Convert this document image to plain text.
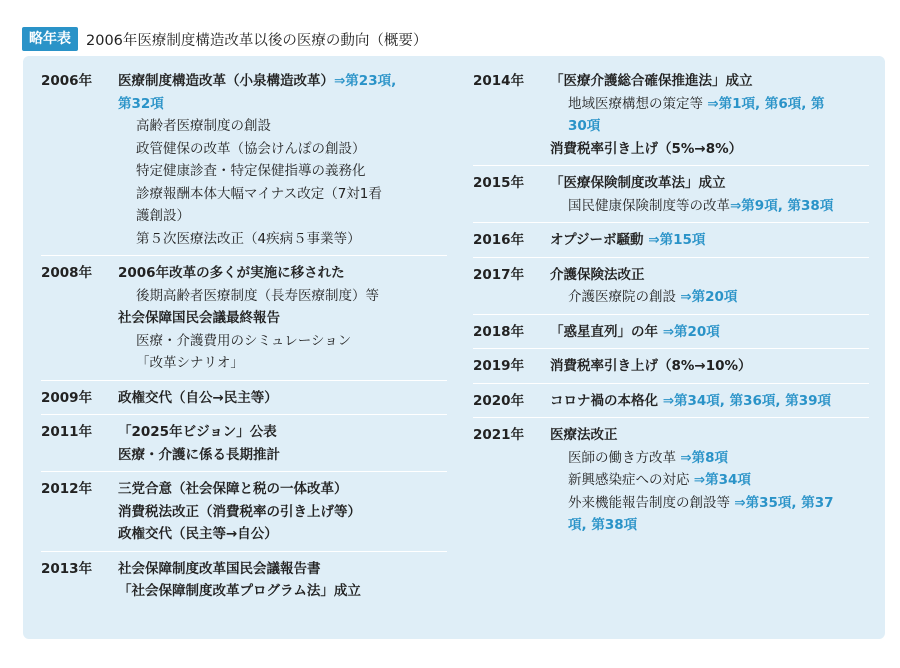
略年表	2006年医療制度構造改革以後の医療の動向（概要）
2006年	医療制度構造改革（小泉構造改革）⇒第23項,
第32項
高齢者医療制度の創設
政管健保の改革（協会けんぽの創設）
特定健康診査・特定保健指導の義務化
診療報酬本体大幅マイナス改定（7対1看
護創設）
第５次医療法改正（4疾病５事業等）
2008年	2006年改革の多くが実施に移された
後期高齢者医療制度（長寿医療制度）等
社会保障国民会議最終報告
医療・介護費用のシミュレーション
「改革シナリオ」
2009年	政権交代（自公→民主等）
2011年	「2025年ビジョン」公表
医療・介護に係る長期推計
2012年	三党合意（社会保障と税の一体改革）
消費税法改正（消費税率の引き上げ等）
政権交代（民主等→自公）
2013年	社会保障制度改革国民会議報告書
「社会保障制度改革プログラム法」成立
2014年	「医療介護総合確保推進法」成立
地域医療構想の策定等 ⇒第1項, 第6項, 第
30項
消費税率引き上げ（5%→8%）
2015年	「医療保険制度改革法」成立
国民健康保険制度等の改革⇒第9項, 第38項
2016年	オプジーボ騒動 ⇒第15項
2017年	介護保険法改正
介護医療院の創設 ⇒第20項
2018年	「惑星直列」の年 ⇒第20項
2019年	消費税率引き上げ（8%→10%）
2020年	コロナ禍の本格化 ⇒第34項, 第36項, 第39項
2021年	医療法改正
医師の働き方改革 ⇒第8項
新興感染症への対応 ⇒第34項
外来機能報告制度の創設等 ⇒第35項, 第37
項, 第38項
